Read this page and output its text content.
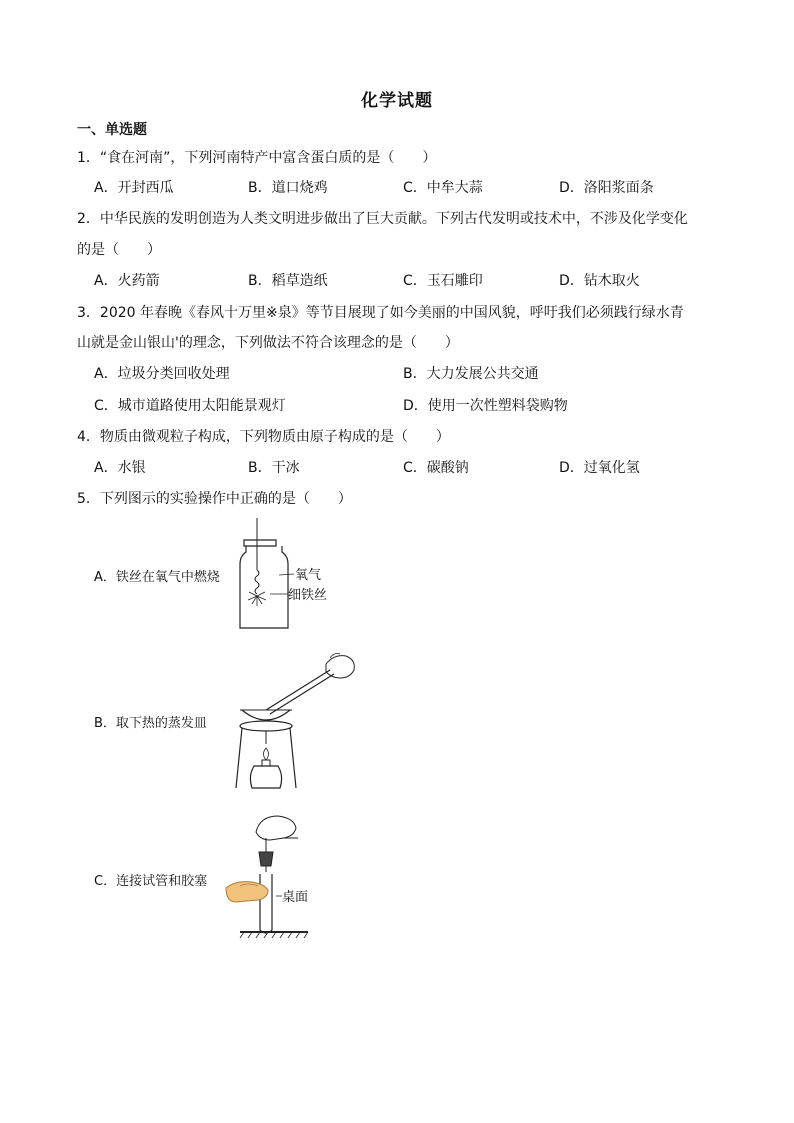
化学试题
一、单选题
1．“食在河南”，下列河南特产中富含蛋白质的是（　　）
A．开封西瓜	B．道口烧鸡	C．中牟大蒜	D．洛阳浆面条
2．中华民族的发明创造为人类文明进步做出了巨大贡献。下列古代发明或技术中，不涉及化学变化
的是（　　）
A．火药箭	B．稻草造纸	C．玉石雕印	D．钻木取火
3．2020 年春晚《春风十万里※泉》等节目展现了如今美丽的中国风貌，呼吁我们必须践行绿水青
山就是金山银山'的理念，下列做法不符合该理念的是（　　）
A．垃圾分类回收处理	B．大力发展公共交通
C．城市道路使用太阳能景观灯	D．使用一次性塑料袋购物
4．物质由微观粒子构成，下列物质由原子构成的是（　　）
A．水银	B．干冰	C．碳酸钠	D．过氧化氢
5．下列图示的实验操作中正确的是（　　）
A．铁丝在氧气中燃烧	氧气
细铁丝
B．取下热的蒸发皿
C．连接试管和胶塞
桌面
